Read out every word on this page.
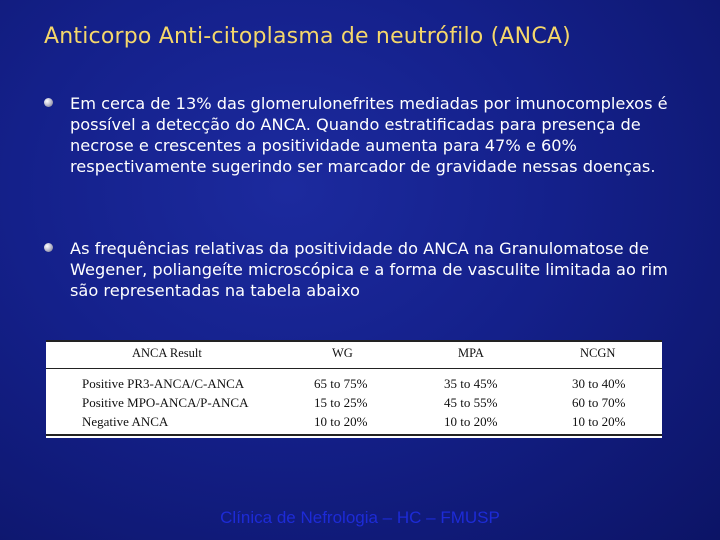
Anticorpo Anti-citoplasma de neutrófilo (ANCA)
Em cerca de 13% das glomerulonefrites mediadas por imunocomplexos é possível a detecção do ANCA. Quando estratificadas para presença de necrose e crescentes a positividade aumenta para 47% e 60% respectivamente sugerindo ser marcador de gravidade nessas doenças.
As frequências relativas da positividade do ANCA na Granulomatose de Wegener, poliangeíte microscópica e a forma de vasculite limitada ao rim são representadas na tabela abaixo
ANCA Result	WG	MPA	NCGN
Positive PR3-ANCA/C-ANCA	65 to 75%	35 to 45%	30 to 40%
Positive MPO-ANCA/P-ANCA	15 to 25%	45 to 55%	60 to 70%
Negative ANCA	10 to 20%	10 to 20%	10 to 20%
Clínica de Nefrologia – HC – FMUSP
